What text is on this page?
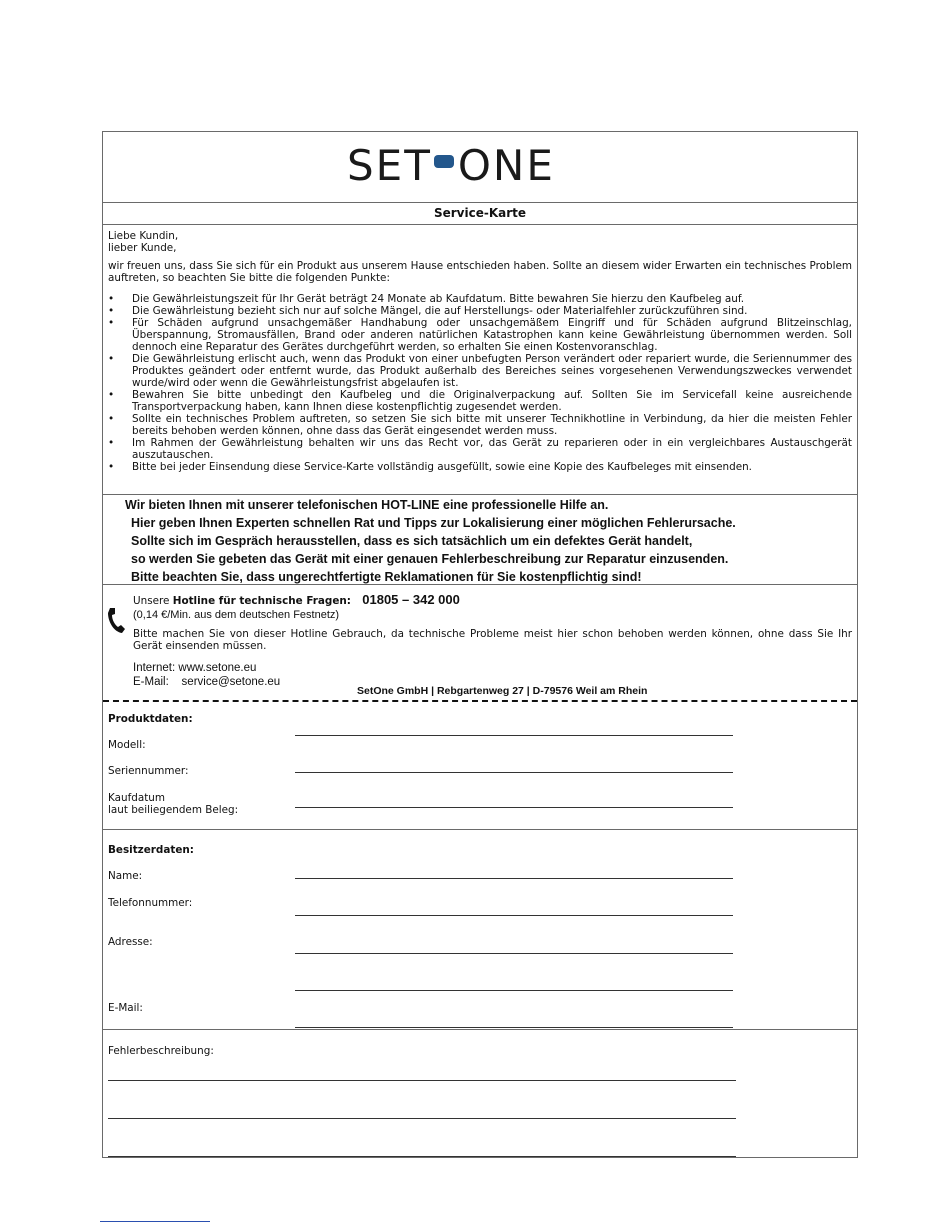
SET ONE
Service-Karte
Liebe Kundin,
lieber Kunde,
wir freuen uns, dass Sie sich für ein Produkt aus unserem Hause entschieden haben. Sollte an diesem wider Erwarten ein technisches Problem auftreten, so beachten Sie bitte die folgenden Punkte:
• Die Gewährleistungszeit für Ihr Gerät beträgt 24 Monate ab Kaufdatum. Bitte bewahren Sie hierzu den Kaufbeleg auf.
• Die Gewährleistung bezieht sich nur auf solche Mängel, die auf Herstellungs- oder Materialfehler zurückzuführen sind.
• Für Schäden aufgrund unsachgemäßer Handhabung oder unsachgemäßem Eingriff und für Schäden aufgrund Blitzeinschlag, Überspannung, Stromausfällen, Brand oder anderen natürlichen Katastrophen kann keine Gewährleistung übernommen werden. Soll dennoch eine Reparatur des Gerätes durchgeführt werden, so erhalten Sie einen Kostenvoranschlag.
• Die Gewährleistung erlischt auch, wenn das Produkt von einer unbefugten Person verändert oder repariert wurde, die Seriennummer des Produktes geändert oder entfernt wurde, das Produkt außerhalb des Bereiches seines vorgesehenen Verwendungszweckes verwendet wurde/wird oder wenn die Gewährleistungsfrist abgelaufen ist.
• Bewahren Sie bitte unbedingt den Kaufbeleg und die Originalverpackung auf. Sollten Sie im Servicefall keine ausreichende Transportverpackung haben, kann Ihnen diese kostenpflichtig zugesendet werden.
• Sollte ein technisches Problem auftreten, so setzen Sie sich bitte mit unserer Technikhotline in Verbindung, da hier die meisten Fehler bereits behoben werden können, ohne dass das Gerät eingesendet werden muss.
• Im Rahmen der Gewährleistung behalten wir uns das Recht vor, das Gerät zu reparieren oder in ein vergleichbares Austauschgerät auszutauschen.
• Bitte bei jeder Einsendung diese Service-Karte vollständig ausgefüllt, sowie eine Kopie des Kaufbeleges mit einsenden.
Wir bieten Ihnen mit unserer telefonischen HOT-LINE eine professionelle Hilfe an.
Hier geben Ihnen Experten schnellen Rat und Tipps zur Lokalisierung einer möglichen Fehlerursache.
Sollte sich im Gespräch herausstellen, dass es sich tatsächlich um ein defektes Gerät handelt,
so werden Sie gebeten das Gerät mit einer genauen Fehlerbeschreibung zur Reparatur einzusenden.
Bitte beachten Sie, dass ungerechtfertigte Reklamationen für Sie kostenpflichtig sind!
Unsere Hotline für technische Fragen: 01805 – 342 000
(0,14 €/Min. aus dem deutschen Festnetz)
Bitte machen Sie von dieser Hotline Gebrauch, da technische Probleme meist hier schon behoben werden können, ohne dass Sie Ihr Gerät einsenden müssen.
Internet: www.setone.eu
E-Mail:    service@setone.eu
SetOne GmbH | Rebgartenweg 27 | D-79576 Weil am Rhein
Produktdaten:
Modell:
Seriennummer:
Kaufdatum
laut beiliegendem Beleg:
Besitzerdaten:
Name:
Telefonnummer:
Adresse:
E-Mail:
Fehlerbeschreibung:
